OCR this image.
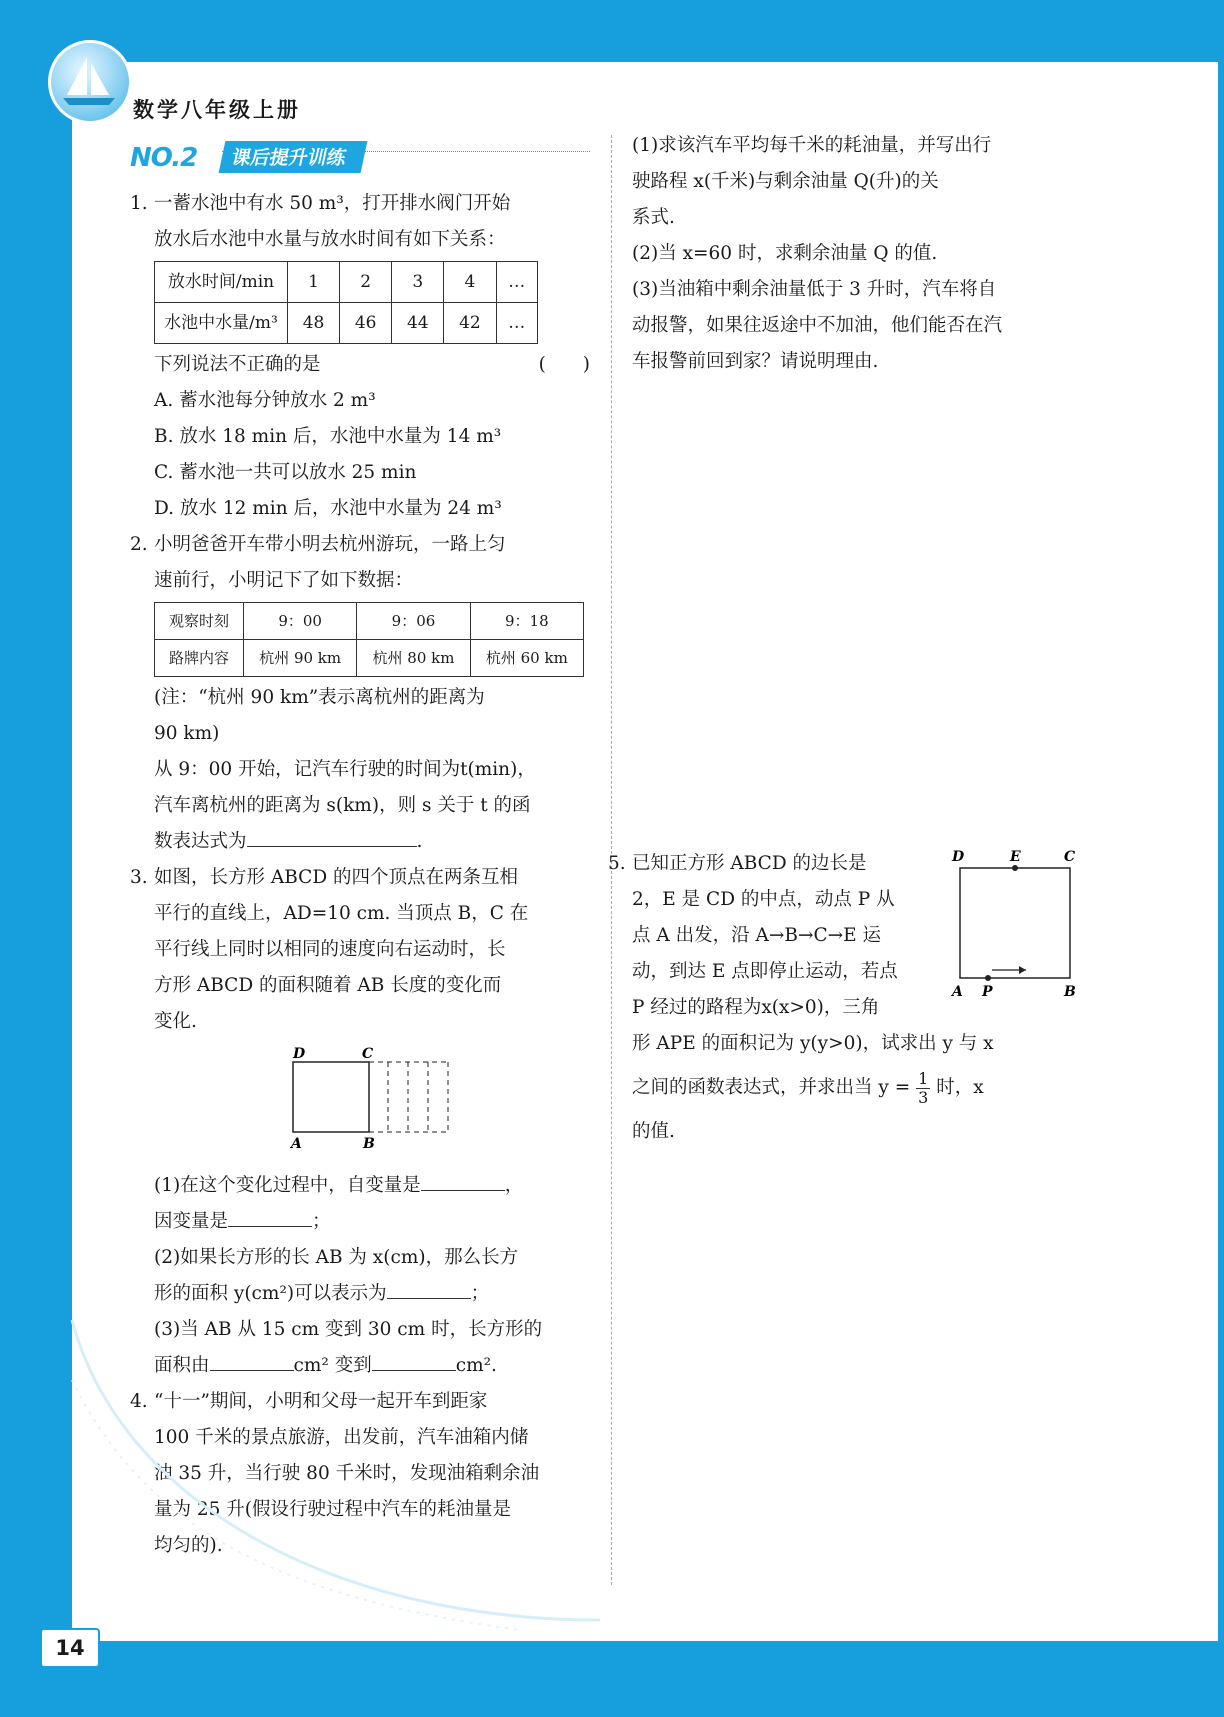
数学八年级上册
NO.2	课后提升训练
1. 一蓄水池中有水 50 m³，打开排水阀门开始

放水后水池中水量与放水时间有如下关系：

放水时间/min	1	2	3	4	…
水池中水量/m³	48	46	44	42	…

下列说法不正确的是	(　　)

A. 蓄水池每分钟放水 2 m³

B. 放水 18 min 后，水池中水量为 14 m³

C. 蓄水池一共可以放水 25 min

D. 放水 12 min 后，水池中水量为 24 m³

2. 小明爸爸开车带小明去杭州游玩，一路上匀

速前行，小明记下了如下数据：

观察时刻	9：00	9：06	9：18
路牌内容	杭州 90 km	杭州 80 km	杭州 60 km

(注：“杭州 90 km”表示离杭州的距离为

90 km)

从 9：00 开始，记汽车行驶的时间为t(min)，

汽车离杭州的距离为 s(km)，则 s 关于 t 的函

数表达式为	.

3. 如图，长方形 ABCD 的四个顶点在两条互相

平行的直线上，AD=10 cm. 当顶点 B，C 在

平行线上同时以相同的速度向右运动时，长

方形 ABCD 的面积随着 AB 长度的变化而

变化.

D	C
A	B

(1)在这个变化过程中，自变量是	，

因变量是	；

(2)如果长方形的长 AB 为 x(cm)，那么长方

形的面积 y(cm²)可以表示为	；

(3)当 AB 从 15 cm 变到 30 cm 时，长方形的

面积由	cm² 变到	cm².

4. “十一”期间，小明和父母一起开车到距家

100 千米的景点旅游，出发前，汽车油箱内储

油 35 升，当行驶 80 千米时，发现油箱剩余油

量为 25 升(假设行驶过程中汽车的耗油量是

均匀的).

(1)求该汽车平均每千米的耗油量，并写出行

驶路程 x(千米)与剩余油量 Q(升)的关

系式.

(2)当 x=60 时，求剩余油量 Q 的值.

(3)当油箱中剩余油量低于 3 升时，汽车将自

动报警，如果往返途中不加油，他们能否在汽

车报警前回到家？请说明理由.

5. 已知正方形 ABCD 的边长是

2，E 是 CD 的中点，动点 P 从

点 A 出发，沿 A→B→C→E 运

动，到达 E 点即停止运动，若点

P 经过的路程为x(x>0)，三角

形 APE 的面积记为 y(y>0)，试求出 y 与 x

之间的函数表达式，并求出当 $y = \frac{1}{3}$ 时，x

的值.

D	E	C
A P	B
14
